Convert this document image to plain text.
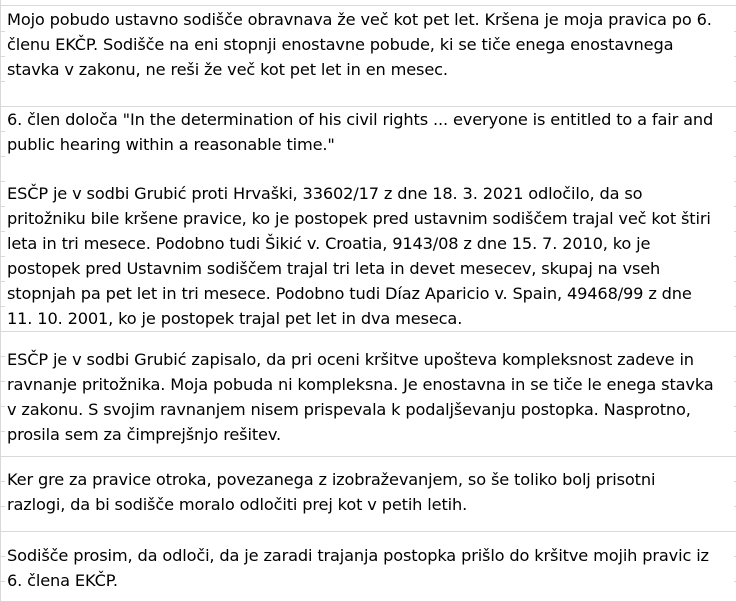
Mojo pobudo ustavno sodišče obravnava že več kot pet let. Kršena je moja pravica po 6.
členu EKČP. Sodišče na eni stopnji enostavne pobude, ki se tiče enega enostavnega
stavka v zakonu, ne reši že več kot pet let in en mesec.
6. člen določa "In the determination of his civil rights ... everyone is entitled to a fair and
public hearing within a reasonable time."
ESČP je v sodbi Grubić proti Hrvaški, 33602/17 z dne 18. 3. 2021 odločilo, da so
pritožniku bile kršene pravice, ko je postopek pred ustavnim sodiščem trajal več kot štiri
leta in tri mesece. Podobno tudi Šikić v. Croatia, 9143/08 z dne 15. 7. 2010, ko je
postopek pred Ustavnim sodiščem trajal tri leta in devet mesecev, skupaj na vseh
stopnjah pa pet let in tri mesece. Podobno tudi Díaz Aparicio v. Spain, 49468/99 z dne
11. 10. 2001, ko je postopek trajal pet let in dva meseca.
ESČP je v sodbi Grubić zapisalo, da pri oceni kršitve upošteva kompleksnost zadeve in
ravnanje pritožnika. Moja pobuda ni kompleksna. Je enostavna in se tiče le enega stavka
v zakonu. S svojim ravnanjem nisem prispevala k podaljševanju postopka. Nasprotno,
prosila sem za čimprejšnjo rešitev.
Ker gre za pravice otroka, povezanega z izobraževanjem, so še toliko bolj prisotni
razlogi, da bi sodišče moralo odločiti prej kot v petih letih.
Sodišče prosim, da odloči, da je zaradi trajanja postopka prišlo do kršitve mojih pravic iz
6. člena EKČP.
